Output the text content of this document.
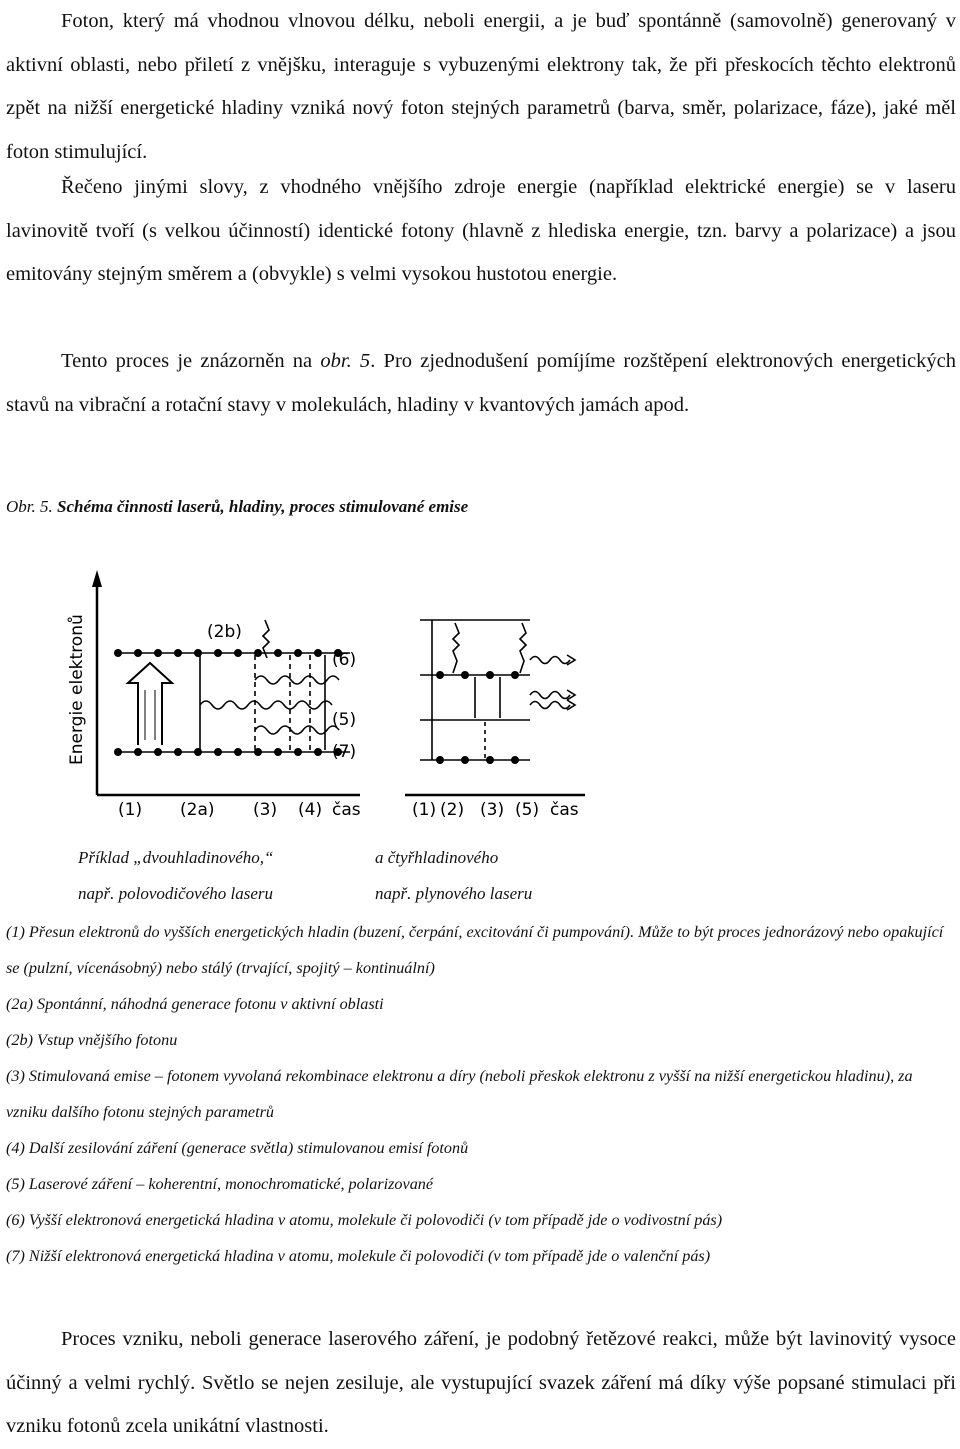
Foton, který má vhodnou vlnovou délku, neboli energii, a je buď spontánně (samovolně) generovaný v aktivní oblasti, nebo přiletí z vnějšku, interaguje s vybuzenými elektrony tak, že při přeskocích těchto elektronů zpět na nižší energetické hladiny vzniká nový foton stejných parametrů (barva, směr, polarizace, fáze), jaké měl foton stimulující.

Řečeno jinými slovy, z vhodného vnějšího zdroje energie (například elektrické energie) se v laseru lavinovitě tvoří (s velkou účinností) identické fotony (hlavně z hlediska energie, tzn. barvy a polarizace) a jsou emitovány stejným směrem a (obvykle) s velmi vysokou hustotou energie.

Tento proces je znázorněn na obr. 5. Pro zjednodušení pomíjíme rozštěpení elektronových energetických stavů na vibrační a rotační stavy v molekulách, hladiny v kvantových jamách apod.

Obr. 5. Schéma činnosti laserů, hladiny, proces stimulované emise

Energie elektronů	(2b)
(6)
(5)
(7)
(1) (2a) (3) (4) čas	(1) (2) (3) (5) čas

Příklad „dvouhladinového,“

např. polovodičového laseru

a čtyřhladinového

např. plynového laseru

(1) Přesun elektronů do vyšších energetických hladin (buzení, čerpání, excitování či pumpování). Může to být proces jednorázový nebo opakující se (pulzní, vícenásobný) nebo stálý (trvající, spojitý – kontinuální)

(2a) Spontánní, náhodná generace fotonu v aktivní oblasti

(2b) Vstup vnějšího fotonu

(3) Stimulovaná emise – fotonem vyvolaná rekombinace elektronu a díry (neboli přeskok elektronu z vyšší na nižší energetickou hladinu), za vzniku dalšího fotonu stejných parametrů

(4) Další zesilování záření (generace světla) stimulovanou emisí fotonů

(5) Laserové záření – koherentní, monochromatické, polarizované

(6) Vyšší elektronová energetická hladina v atomu, molekule či polovodiči (v tom případě jde o vodivostní pás)

(7) Nižší elektronová energetická hladina v atomu, molekule či polovodiči (v tom případě jde o valenční pás)

Proces vzniku, neboli generace laserového záření, je podobný řetězové reakci, může být lavinovitý vysoce účinný a velmi rychlý. Světlo se nejen zesiluje, ale vystupující svazek záření má díky výše popsané stimulaci při vzniku fotonů zcela unikátní vlastnosti.
